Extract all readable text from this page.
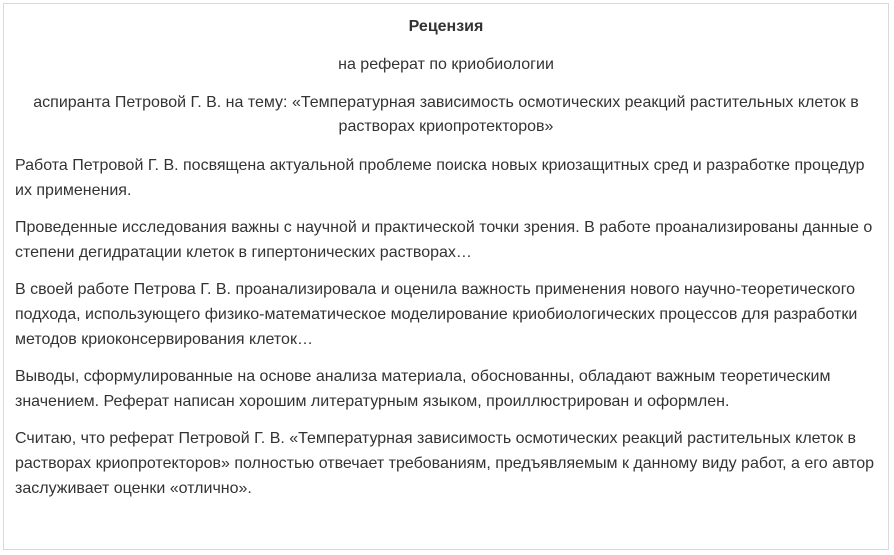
Рецензия
на реферат по криобиологии
аспиранта Петровой Г. В. на тему: «Температурная зависимость осмотических реакций растительных клеток в растворах криопротекторов»

Работа Петровой Г. В. посвящена актуальной проблеме поиска новых криозащитных сред и разработке процедур их применения.

Проведенные исследования важны с научной и практической точки зрения. В работе проанализированы данные о степени дегидратации клеток в гипертонических растворах…

В своей работе Петрова Г. В. проанализировала и оценила важность применения нового научно-теоретического подхода, использующего физико-математическое моделирование криобиологических процессов для разработки методов криоконсервирования клеток…

Выводы, сформулированные на основе анализа материала, обоснованны, обладают важным теоретическим значением. Реферат написан хорошим литературным языком, проиллюстрирован и оформлен.

Считаю, что реферат Петровой Г. В. «Температурная зависимость осмотических реакций растительных клеток в растворах криопротекторов» полностью отвечает требованиям, предъявляемым к данному виду работ, а его автор заслуживает оценки «отлично».
